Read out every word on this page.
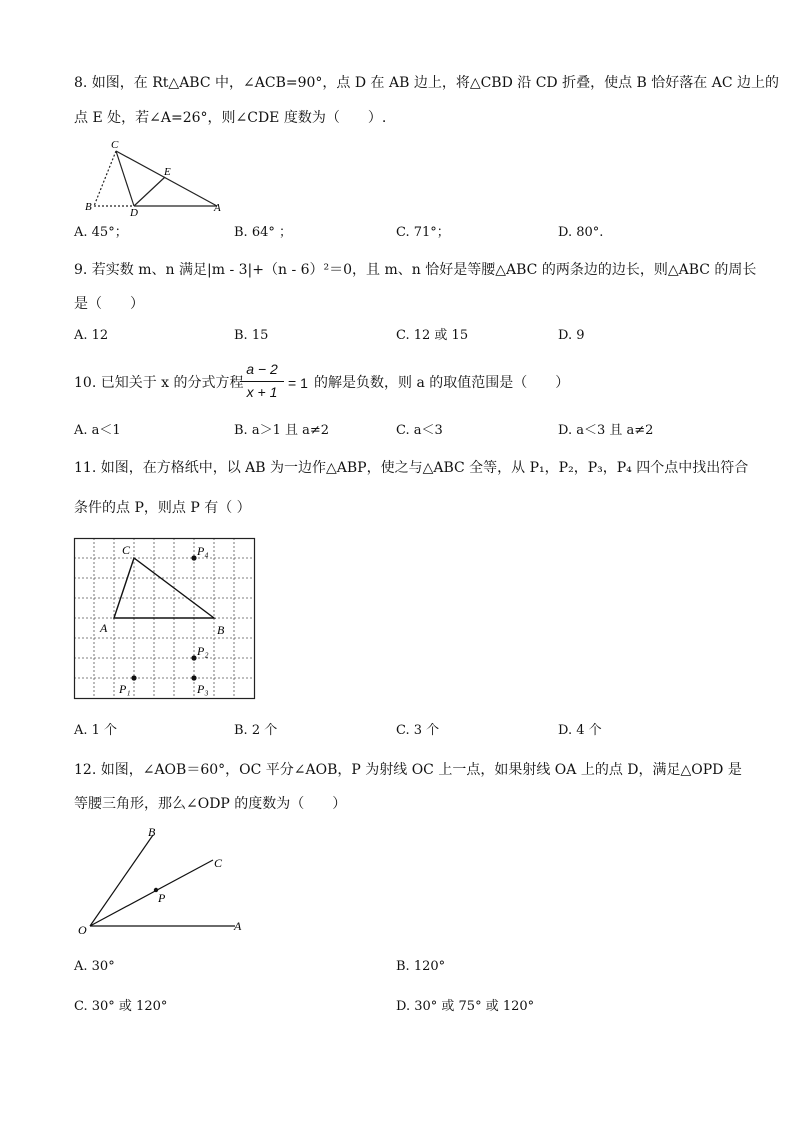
8. 如图，在 Rt△ABC 中，∠ACB=90°，点 D 在 AB 边上，将△CBD 沿 CD 折叠，使点 B 恰好落在 AC 边上的
点 E 处，若∠A=26°，则∠CDE 度数为（　　）.
C
E
B	D	A
A. 45°；	B. 64° ；	C. 71°；	D. 80°.
9. 若实数 m、n 满足|m - 3|+（n - 6）²＝0，且 m、n 恰好是等腰△ABC 的两条边的边长，则△ABC 的周长
是（　　）
A. 12	B. 15	C. 12 或 15	D. 9
10. 已知关于 x 的分式方程
a − 2
x + 1
= 1 的解是负数，则 a 的取值范围是（　　）
A. a＜1	B. a＞1 且 a≠2	C. a＜3	D. a＜3 且 a≠2
11. 如图，在方格纸中，以 AB 为一边作△ABP，使之与△ABC 全等，从 P₁，P₂，P₃，P₄ 四个点中找出符合
条件的点 P，则点 P 有（ ）
C	P₄
A	B
P₂
P₁	P₃
A. 1 个	B. 2 个	C. 3 个	D. 4 个
12. 如图，∠AOB＝60°，OC 平分∠AOB，P 为射线 OC 上一点，如果射线 OA 上的点 D，满足△OPD 是
等腰三角形，那么∠ODP 的度数为（　　）
B
C
P
O	A
A. 30°	B. 120°
C. 30° 或 120°	D. 30° 或 75° 或 120°
